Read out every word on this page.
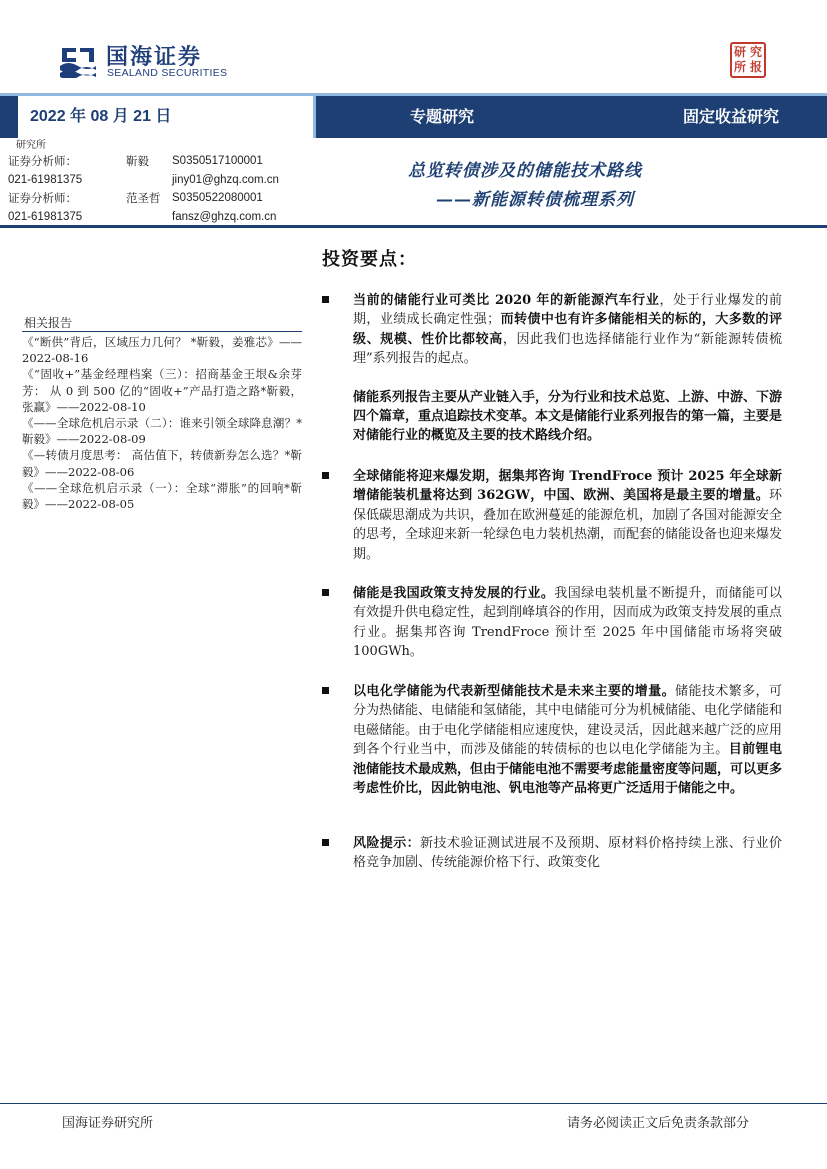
国海证券
SEALAND SECURITIES
研 究
所 报
2022 年 08 月 21 日	专题研究	固定收益研究
研究所
证券分析师：	靳毅	S0350517100001
021-61981375	jiny01@ghzq.com.cn
证券分析师：	范圣哲	S0350522080001
021-61981375	fansz@ghzq.com.cn
总览转债涉及的储能技术路线
——新能源转债梳理系列
相关报告
《“断供”背后，区域压力几何？ *靳毅，姜雅芯》——2022-08-16
《“固收+”基金经理档案（三）：招商基金王垠&余芽芳： 从 0 到 500 亿的“固收+”产品打造之路*靳毅，张赢》——2022-08-10
《——全球危机启示录（二）：谁来引领全球降息潮？*靳毅》——2022-08-09
《—转债月度思考： 高估值下，转债新券怎么选？*靳毅》——2022-08-06
《——全球危机启示录（一）：全球“滞胀”的回响*靳毅》——2022-08-05
投资要点：
当前的储能行业可类比 2020 年的新能源汽车行业，处于行业爆发的前期，业绩成长确定性强；而转债中也有许多储能相关的标的，大多数的评级、规模、性价比都较高，因此我们也选择储能行业作为“新能源转债梳理”系列报告的起点。
储能系列报告主要从产业链入手，分为行业和技术总览、上游、中游、下游四个篇章，重点追踪技术变革。本文是储能行业系列报告的第一篇，主要是对储能行业的概览及主要的技术路线介绍。
全球储能将迎来爆发期，据集邦咨询 TrendFroce 预计 2025 年全球新增储能装机量将达到 362GW，中国、欧洲、美国将是最主要的增量。环保低碳思潮成为共识，叠加在欧洲蔓延的能源危机，加剧了各国对能源安全的思考，全球迎来新一轮绿色电力装机热潮，而配套的储能设备也迎来爆发期。
储能是我国政策支持发展的行业。我国绿电装机量不断提升，而储能可以有效提升供电稳定性，起到削峰填谷的作用，因而成为政策支持发展的重点行业。据集邦咨询 TrendFroce 预计至 2025 年中国储能市场将突破 100GWh。
以电化学储能为代表新型储能技术是未来主要的增量。储能技术繁多，可分为热储能、电储能和氢储能，其中电储能可分为机械储能、电化学储能和电磁储能。由于电化学储能相应速度快，建设灵活，因此越来越广泛的应用到各个行业当中，而涉及储能的转债标的也以电化学储能为主。目前锂电池储能技术最成熟，但由于储能电池不需要考虑能量密度等问题，可以更多考虑性价比，因此钠电池、钒电池等产品将更广泛适用于储能之中。
风险提示：新技术验证测试进展不及预期、原材料价格持续上涨、行业价格竞争加剧、传统能源价格下行、政策变化
国海证券研究所	请务必阅读正文后免责条款部分
